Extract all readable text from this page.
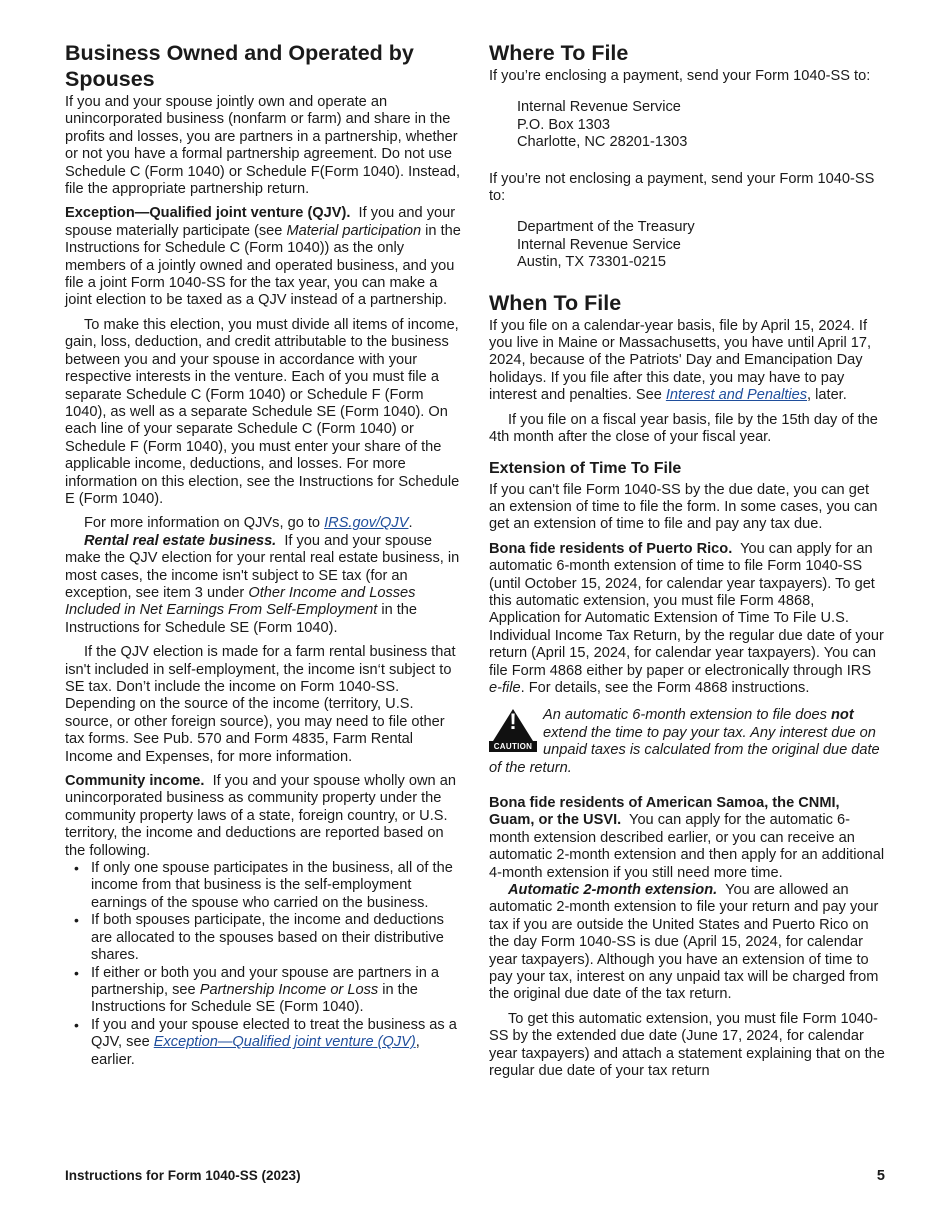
Business Owned and Operated by Spouses

If you and your spouse jointly own and operate an unincorporated business (nonfarm or farm) and share in the profits and losses, you are partners in a partnership, whether or not you have a formal partnership agreement. Do not use Schedule C (Form 1040) or Schedule F(Form 1040). Instead, file the appropriate partnership return.

Exception—Qualified joint venture (QJV). If you and your spouse materially participate (see Material participation in the Instructions for Schedule C (Form 1040)) as the only members of a jointly owned and operated business, and you file a joint Form 1040-SS for the tax year, you can make a joint election to be taxed as a QJV instead of a partnership.

To make this election, you must divide all items of income, gain, loss, deduction, and credit attributable to the business between you and your spouse in accordance with your respective interests in the venture. Each of you must file a separate Schedule C (Form 1040) or Schedule F (Form 1040), as well as a separate Schedule SE (Form 1040). On each line of your separate Schedule C (Form 1040) or Schedule F (Form 1040), you must enter your share of the applicable income, deductions, and losses. For more information on this election, see the Instructions for Schedule E (Form 1040).

For more information on QJVs, go to IRS.gov/QJV.

Rental real estate business. If you and your spouse make the QJV election for your rental real estate business, in most cases, the income isn't subject to SE tax (for an exception, see item 3 under Other Income and Losses Included in Net Earnings From Self-Employment in the Instructions for Schedule SE (Form 1040).

If the QJV election is made for a farm rental business that isn't included in self-employment, the income isn‘t subject to SE tax. Don’t include the income on Form 1040-SS. Depending on the source of the income (territory, U.S. source, or other foreign source), you may need to file other tax forms. See Pub. 570 and Form 4835, Farm Rental Income and Expenses, for more information.

Community income. If you and your spouse wholly own an unincorporated business as community property under the community property laws of a state, foreign country, or U.S. territory, the income and deductions are reported based on the following.

• If only one spouse participates in the business, all of the income from that business is the self-employment earnings of the spouse who carried on the business.
• If both spouses participate, the income and deductions are allocated to the spouses based on their distributive shares.
• If either or both you and your spouse are partners in a partnership, see Partnership Income or Loss in the Instructions for Schedule SE (Form 1040).
• If you and your spouse elected to treat the business as a QJV, see Exception—Qualified joint venture (QJV), earlier.
Where To File

If you’re enclosing a payment, send your Form 1040-SS to:

Internal Revenue Service
P.O. Box 1303
Charlotte, NC 28201-1303

If you’re not enclosing a payment, send your Form 1040-SS to:

Department of the Treasury
Internal Revenue Service
Austin, TX 73301-0215
When To File

If you file on a calendar-year basis, file by April 15, 2024. If you live in Maine or Massachusetts, you have until April 17, 2024, because of the Patriots' Day and Emancipation Day holidays. If you file after this date, you may have to pay interest and penalties. See Interest and Penalties, later.

If you file on a fiscal year basis, file by the 15th day of the 4th month after the close of your fiscal year.

Extension of Time To File

If you can't file Form 1040-SS by the due date, you can get an extension of time to file the form. In some cases, you can get an extension of time to file and pay any tax due.

Bona fide residents of Puerto Rico. You can apply for an automatic 6-month extension of time to file Form 1040-SS (until October 15, 2024, for calendar year taxpayers). To get this automatic extension, you must file Form 4868, Application for Automatic Extension of Time To File U.S. Individual Income Tax Return, by the regular due date of your return (April 15, 2024, for calendar year taxpayers). You can file Form 4868 either by paper or electronically through IRS e-file. For details, see the Form 4868 instructions.

!
CAUTION
An automatic 6-month extension to file does not extend the time to pay your tax. Any interest due on unpaid taxes is calculated from the original due date of the return.

Bona fide residents of American Samoa, the CNMI, Guam, or the USVI. You can apply for the automatic 6-month extension described earlier, or you can receive an automatic 2-month extension and then apply for an additional 4-month extension if you still need more time.

Automatic 2-month extension. You are allowed an automatic 2-month extension to file your return and pay your tax if you are outside the United States and Puerto Rico on the day Form 1040-SS is due (April 15, 2024, for calendar year taxpayers). Although you have an extension of time to pay your tax, interest on any unpaid tax will be charged from the original due date of the tax return.

To get this automatic extension, you must file Form 1040-SS by the extended due date (June 17, 2024, for calendar year taxpayers) and attach a statement explaining that on the regular due date of your tax return

Instructions for Form 1040-SS (2023)	5
